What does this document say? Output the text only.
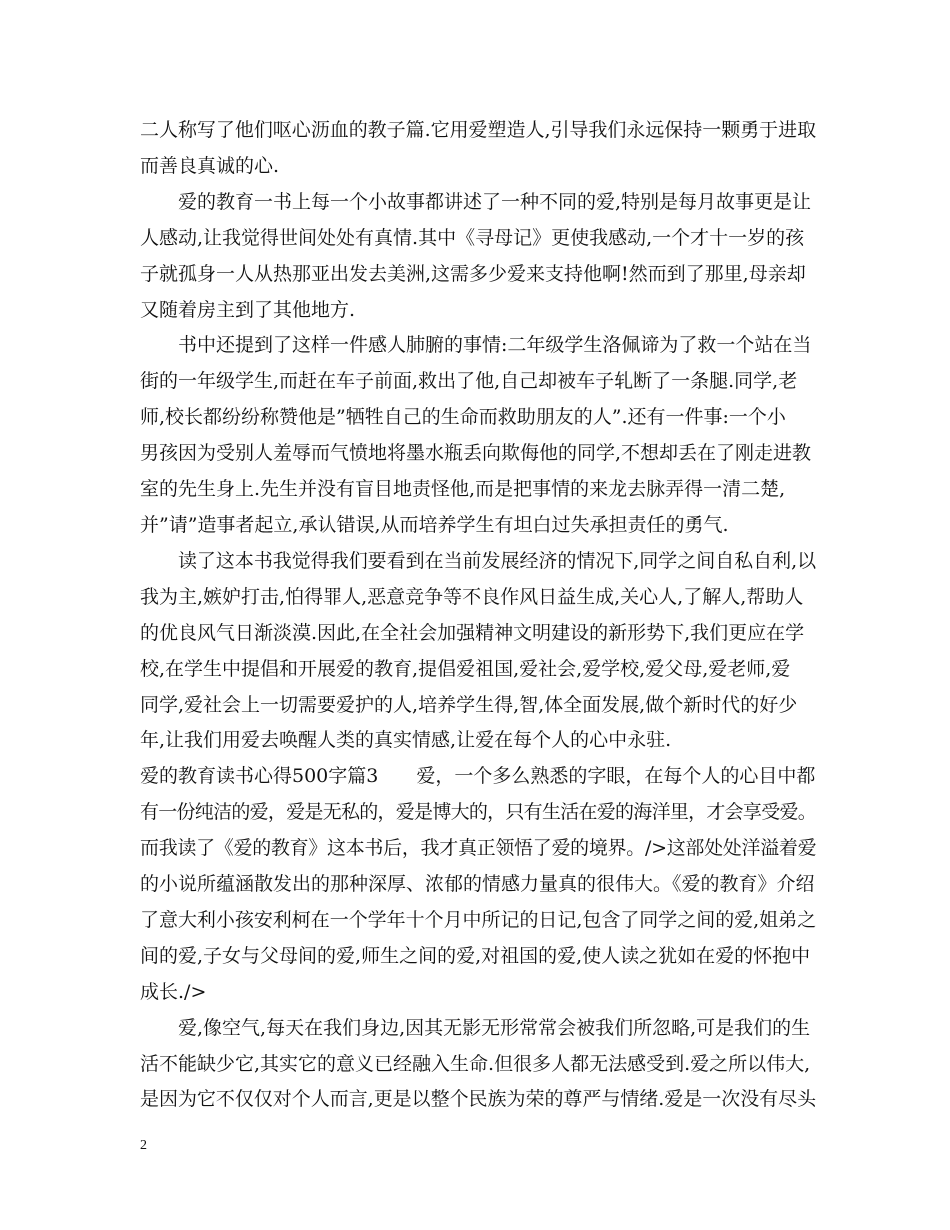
二人称写了他们呕心沥血的教子篇.它用爱塑造人,引导我们永远保持一颗勇于进取
而善良真诚的心.

　　爱的教育一书上每一个小故事都讲述了一种不同的爱,特别是每月故事更是让
人感动,让我觉得世间处处有真情.其中《寻母记》更使我感动,一个才十一岁的孩
子就孤身一人从热那亚出发去美洲,这需多少爱来支持他啊!然而到了那里,母亲却
又随着房主到了其他地方.

　　书中还提到了这样一件感人肺腑的事情:二年级学生洛佩谛为了救一个站在当
街的一年级学生,而赶在车子前面,救出了他,自己却被车子轧断了一条腿.同学,老
师,校长都纷纷称赞他是”牺牲自己的生命而救助朋友的人”.还有一件事:一个小
男孩因为受别人羞辱而气愤地将墨水瓶丢向欺侮他的同学,不想却丢在了刚走进教
室的先生身上.先生并没有盲目地责怪他,而是把事情的来龙去脉弄得一清二楚,
并”请”造事者起立,承认错误,从而培养学生有坦白过失承担责任的勇气.

　　读了这本书我觉得我们要看到在当前发展经济的情况下,同学之间自私自利,以
我为主,嫉妒打击,怕得罪人,恶意竞争等不良作风日益生成,关心人,了解人,帮助人
的优良风气日渐淡漠.因此,在全社会加强精神文明建设的新形势下,我们更应在学
校,在学生中提倡和开展爱的教育,提倡爱祖国,爱社会,爱学校,爱父母,爱老师,爱
同学,爱社会上一切需要爱护的人,培养学生得,智,体全面发展,做个新时代的好少
年,让我们用爱去唤醒人类的真实情感,让爱在每个人的心中永驻.

爱的教育读书心得500字篇3　　爱，一个多么熟悉的字眼，在每个人的心目中都
有一份纯洁的爱，爱是无私的，爱是博大的，只有生活在爱的海洋里，才会享受爱。
而我读了《爱的教育》这本书后，我才真正领悟了爱的境界。/>这部处处洋溢着爱
的小说所蕴涵散发出的那种深厚、浓郁的情感力量真的很伟大。《爱的教育》介绍
了意大利小孩安利柯在一个学年十个月中所记的日记,包含了同学之间的爱,姐弟之
间的爱,子女与父母间的爱,师生之间的爱,对祖国的爱,使人读之犹如在爱的怀抱中
成长./>

　　爱,像空气,每天在我们身边,因其无影无形常常会被我们所忽略,可是我们的生
活不能缺少它,其实它的意义已经融入生命.但很多人都无法感受到.爱之所以伟大,
是因为它不仅仅对个人而言,更是以整个民族为荣的尊严与情绪.爱是一次没有尽头

2
